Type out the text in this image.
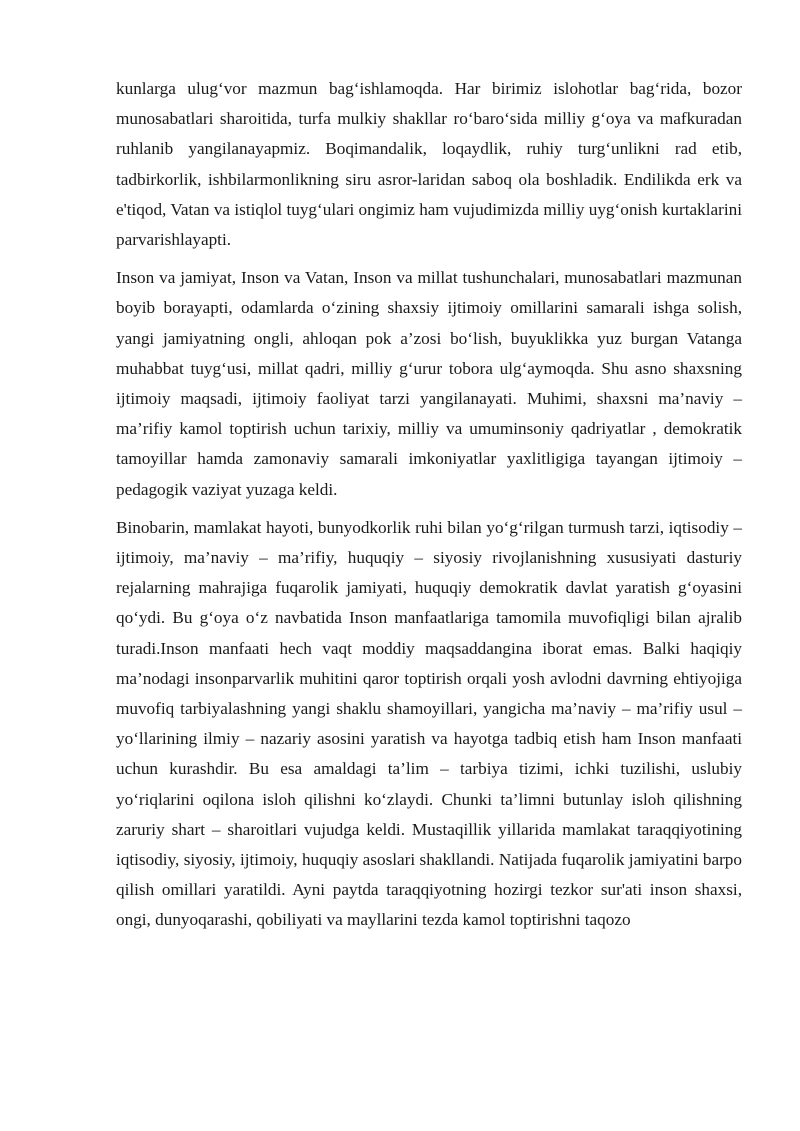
kunlarga ulug‘vor mazmun bag‘ishlamoqda. Har birimiz islohotlar bag‘rida, bozor munosabatlari sharoitida, turfa mulkiy shakllar ro‘baro‘sida milliy g‘oya va mafkuradan ruhlanib yangilanayapmiz. Boqimandalik, loqaydlik, ruhiy turg‘unlikni rad etib, tadbirkorlik, ishbilarmonlikning siru asror-laridan saboq ola boshladik. Endilikda erk va e'tiqod, Vatan va istiqlol tuyg‘ulari ongimiz ham vujudimizda milliy uyg‘onish kurtaklarini parvarishlayapti.

Inson va jamiyat, Inson va Vatan, Inson va millat tushunchalari, munosabatlari mazmunan boyib borayapti, odamlarda o‘zining shaxsiy ijtimoiy omillarini samarali ishga solish, yangi jamiyatning ongli, ahloqan pok a’zosi bo‘lish, buyuklikka yuz burgan Vatanga muhabbat tuyg‘usi, millat qadri, milliy g‘urur tobora ulg‘aymoqda. Shu asno shaxsning ijtimoiy maqsadi, ijtimoiy faoliyat tarzi yangilanayati. Muhimi, shaxsni ma’naviy – ma’rifiy kamol toptirish uchun tarixiy, milliy va umuminsoniy qadriyatlar , demokratik tamoyillar hamda zamonaviy samarali imkoniyatlar yaxlitligiga tayangan ijtimoiy – pedagogik vaziyat yuzaga keldi.

Binobarin, mamlakat hayoti, bunyodkorlik ruhi bilan yo‘g‘rilgan turmush tarzi, iqtisodiy – ijtimoiy, ma’naviy – ma’rifiy, huquqiy – siyosiy rivojlanishning xususiyati dasturiy rejalarning mahrajiga fuqarolik jamiyati, huquqiy demokratik davlat yaratish g‘oyasini qo‘ydi. Bu g‘oya o‘z navbatida Inson manfaatlariga tamomila muvofiqligi bilan ajralib turadi.Inson manfaati hech vaqt moddiy maqsaddangina iborat emas. Balki haqiqiy ma’nodagi insonparvarlik muhitini qaror toptirish orqali yosh avlodni davrning ehtiyojiga muvofiq tarbiyalashning yangi shaklu shamoyillari, yangicha ma’naviy – ma’rifiy usul – yo‘llarining ilmiy – nazariy asosini yaratish va hayotga tadbiq etish ham Inson manfaati uchun kurashdir. Bu esa amaldagi ta’lim – tarbiya tizimi, ichki tuzilishi, uslubiy yo‘riqlarini oqilona isloh qilishni ko‘zlaydi. Chunki ta’limni butunlay isloh qilishning zaruriy shart – sharoitlari vujudga keldi. Mustaqillik yillarida mamlakat taraqqiyotining iqtisodiy, siyosiy, ijtimoiy, huquqiy asoslari shakllandi. Natijada fuqarolik jamiyatini barpo qilish omillari yaratildi. Ayni paytda taraqqiyotning hozirgi tezkor sur'ati inson shaxsi, ongi, dunyoqarashi, qobiliyati va mayllarini tezda kamol toptirishni taqozo
